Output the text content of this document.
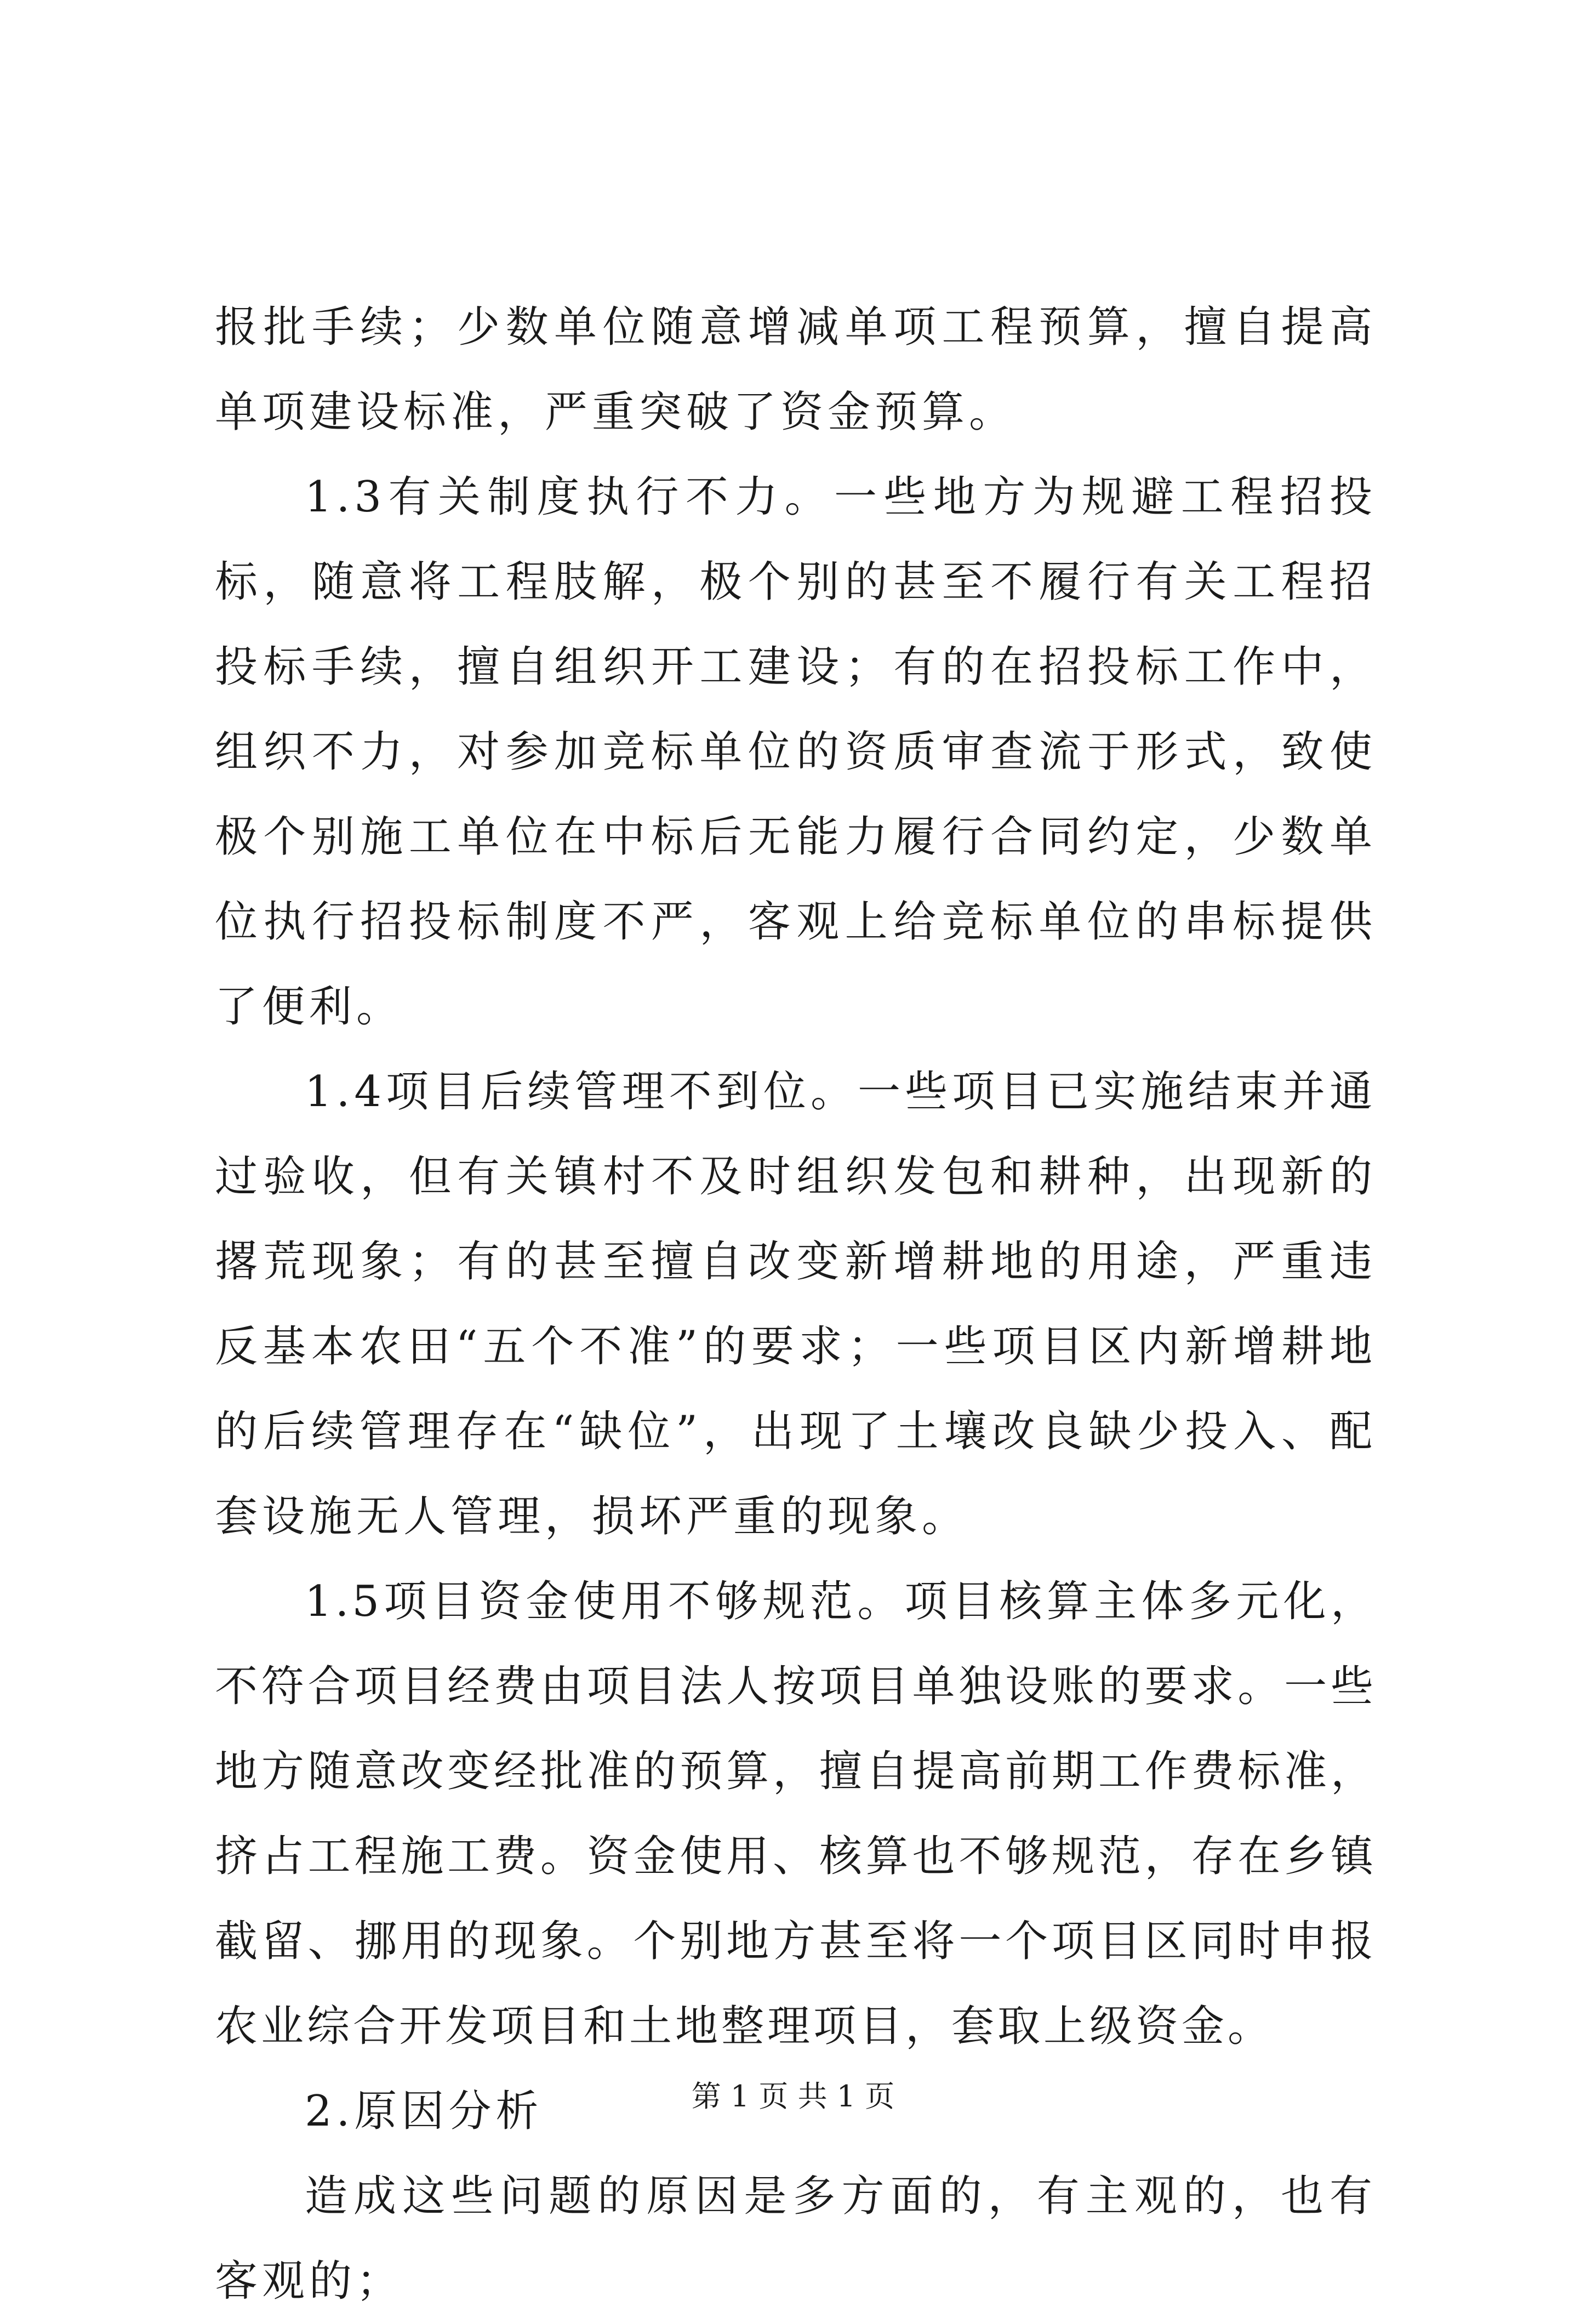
报批手续；少数单位随意增减单项工程预算，擅自提高单项建设标准，严重突破了资金预算。

1.3有关制度执行不力。一些地方为规避工程招投标，随意将工程肢解，极个别的甚至不履行有关工程招投标手续，擅自组织开工建设；有的在招投标工作中，组织不力，对参加竞标单位的资质审查流于形式，致使极个别施工单位在中标后无能力履行合同约定，少数单位执行招投标制度不严，客观上给竞标单位的串标提供了便利。

1.4项目后续管理不到位。一些项目已实施结束并通过验收，但有关镇村不及时组织发包和耕种，出现新的撂荒现象；有的甚至擅自改变新增耕地的用途，严重违反基本农田“五个不准”的要求；一些项目区内新增耕地的后续管理存在“缺位”，出现了土壤改良缺少投入、配套设施无人管理，损坏严重的现象。

1.5项目资金使用不够规范。项目核算主体多元化，不符合项目经费由项目法人按项目单独设账的要求。一些地方随意改变经批准的预算，擅自提高前期工作费标准，挤占工程施工费。资金使用、核算也不够规范，存在乡镇截留、挪用的现象。个别地方甚至将一个项目区同时申报农业综合开发项目和土地整理项目，套取上级资金。

2.原因分析

造成这些问题的原因是多方面的，有主观的，也有客观的；

第 1 页 共 1 页
